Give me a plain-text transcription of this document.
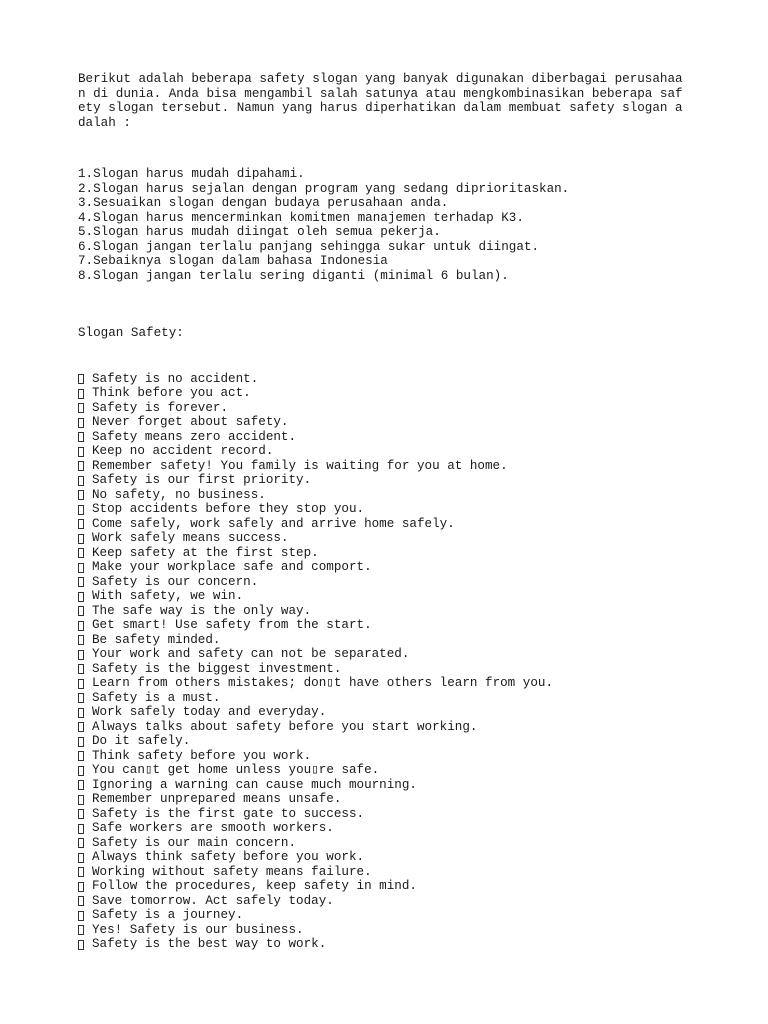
Berikut adalah beberapa safety slogan yang banyak digunakan diberbagai perusahaa
n di dunia. Anda bisa mengambil salah satunya atau mengkombinasikan beberapa saf
ety slogan tersebut. Namun yang harus diperhatikan dalam membuat safety slogan a
dalah :

1.Slogan harus mudah dipahami.
2.Slogan harus sejalan dengan program yang sedang diprioritaskan.
3.Sesuaikan slogan dengan budaya perusahaan anda.
4.Slogan harus mencerminkan komitmen manajemen terhadap K3.
5.Slogan harus mudah diingat oleh semua pekerja.
6.Slogan jangan terlalu panjang sehingga sukar untuk diingat.
7.Sebaiknya slogan dalam bahasa Indonesia
8.Slogan jangan terlalu sering diganti (minimal 6 bulan).
Slogan Safety:
Safety is no accident.
Think before you act.
Safety is forever.
Never forget about safety.
Safety means zero accident.
Keep no accident record.
Remember safety! You family is waiting for you at home.
Safety is our first priority.
No safety, no business.
Stop accidents before they stop you.
Come safely, work safely and arrive home safely.
Work safely means success.
Keep safety at the first step.
Make your workplace safe and comport.
Safety is our concern.
With safety, we win.
The safe way is the only way.
Get smart! Use safety from the start.
Be safety minded.
Your work and safety can not be separated.
Safety is the biggest investment.
Learn from others mistakes; don▯t have others learn from you.
Safety is a must.
Work safely today and everyday.
Always talks about safety before you start working.
Do it safely.
Think safety before you work.
You can▯t get home unless you▯re safe.
Ignoring a warning can cause much mourning.
Remember unprepared means unsafe.
Safety is the first gate to success.
Safe workers are smooth workers.
Safety is our main concern.
Always think safety before you work.
Working without safety means failure.
Follow the procedures, keep safety in mind.
Save tomorrow. Act safely today.
Safety is a journey.
Yes! Safety is our business.
Safety is the best way to work.
